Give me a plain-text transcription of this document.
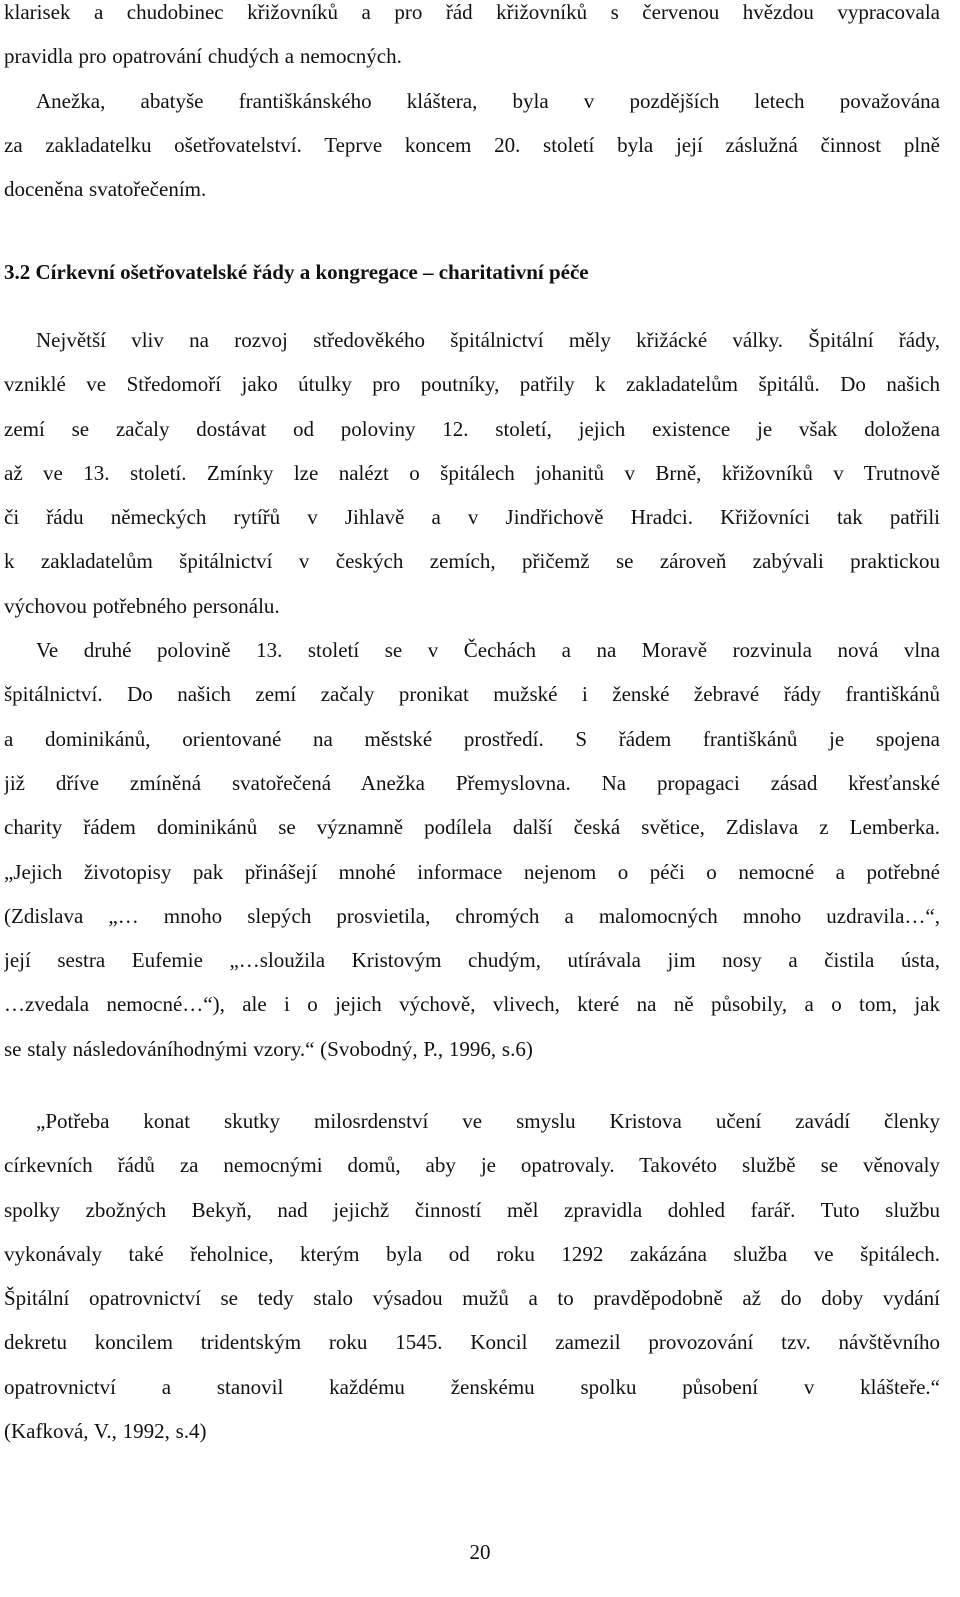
klarisek a chudobinec křižovníků a pro řád křižovníků s červenou hvězdou vypracovala
pravidla pro opatrování chudých a nemocných.

Anežka, abatyše františkánského kláštera, byla v pozdějších letech považována
za zakladatelku ošetřovatelství. Teprve koncem 20. století byla její záslužná činnost plně
doceněna svatořečením.

3.2 Církevní ošetřovatelské řády a kongregace – charitativní péče

Největší vliv na rozvoj středověkého špitálnictví měly křižácké války. Špitální řády,
vzniklé ve Středomoří jako útulky pro poutníky, patřily k zakladatelům špitálů. Do našich
zemí se začaly dostávat od poloviny 12. století, jejich existence je však doložena
až ve 13. století. Zmínky lze nalézt o špitálech johanitů v Brně, křižovníků v Trutnově
či řádu německých rytířů v Jihlavě a v Jindřichově Hradci. Křižovníci tak patřili
k zakladatelům špitálnictví v českých zemích, přičemž se zároveň zabývali praktickou
výchovou potřebného personálu.

Ve druhé polovině 13. století se v Čechách a na Moravě rozvinula nová vlna
špitálnictví. Do našich zemí začaly pronikat mužské i ženské žebravé řády františkánů
a dominikánů, orientované na městské prostředí. S řádem františkánů je spojena
již dříve zmíněná svatořečená Anežka Přemyslovna. Na propagaci zásad křesťanské
charity řádem dominikánů se významně podílela další česká světice, Zdislava z Lemberka.
„Jejich životopisy pak přinášejí mnohé informace nejenom o péči o nemocné a potřebné
(Zdislava „… mnoho slepých prosvietila, chromých a malomocných mnoho uzdravila…“,
její sestra Eufemie „…sloužila Kristovým chudým, utírávala jim nosy a čistila ústa,
…zvedala nemocné…“), ale i o jejich výchově, vlivech, které na ně působily, a o tom, jak
se staly následováníhodnými vzory.“ (Svobodný, P., 1996, s.6)

„Potřeba konat skutky milosrdenství ve smyslu Kristova učení zavádí členky
církevních řádů za nemocnými domů, aby je opatrovaly. Takovéto službě se věnovaly
spolky zbožných Bekyň, nad jejichž činností měl zpravidla dohled farář. Tuto službu
vykonávaly také řeholnice, kterým byla od roku 1292 zakázána služba ve špitálech.
Špitální opatrovnictví se tedy stalo výsadou mužů a to pravděpodobně až do doby vydání
dekretu koncilem tridentským roku 1545. Koncil zamezil provozování tzv. návštěvního
opatrovnictví a stanovil každému ženskému spolku působení v klášteře.“
(Kafková, V., 1992, s.4)

20
